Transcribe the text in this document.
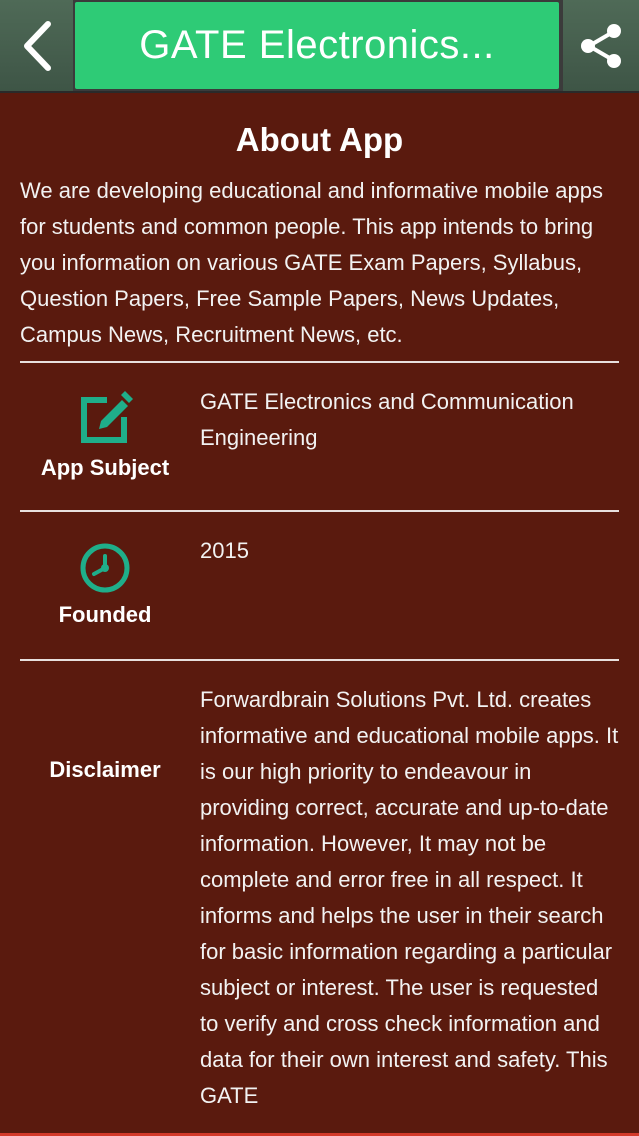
GATE Electronics...
About App
We are developing educational and informative mobile apps for students and common people. This app intends to bring you information on various GATE Exam Papers, Syllabus, Question Papers, Free Sample Papers, News Updates, Campus News, Recruitment News, etc.
App Subject
GATE Electronics and Communication Engineering
Founded
2015
Disclaimer
Forwardbrain Solutions Pvt. Ltd. creates informative and educational mobile apps. It is our high priority to endeavour in providing correct, accurate and up-to-date information. However, It may not be complete and error free in all respect. It informs and helps the user in their search for basic information regarding a particular subject or interest. The user is requested to verify and cross check information and data for their own interest and safety. This GATE
